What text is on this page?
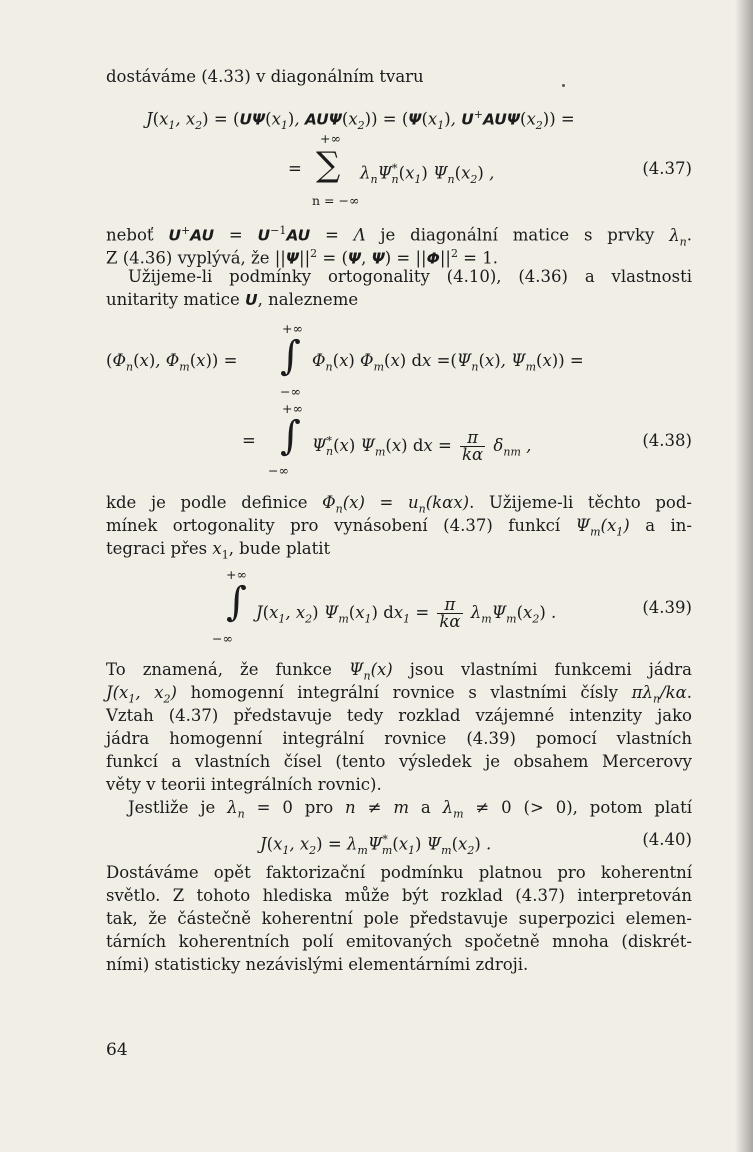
dostáváme (4.33) v diagonálním tvaru
$J(x_1$, $x_2) = (U\Psi(x_1)$, $AU\Psi(x_2)) = (\Psi(x_1)$, $U^+AU\Psi(x_2)$) =
+∞
= ∑ $\lambda_n\Psi^*_n(x_1)$ $\Psi_n(x_2)$ ,
n = −∞
(4.37)
neboť $U^+AU = U^{-1}AU = \Lambda$ je diagonální matice s prvky $\lambda_n$.
Z (4.36) vyplývá, že $||\Psi||^2 = (\Psi$, $\Psi) = ||\Phi||^2 = 1$.
Užijeme-li podmínky ortogonality (4.10), (4.36) a vlastnosti
unitarity matice U, nalezneme
+∞
($\Phi_n(x)$, $\Phi_m(x)$) = ∫ $\Phi_n(x)$ $\Phi_m(x)$ dx $=(\Psi_n(x)$, $\Psi_m(x)$) =
−∞
+∞
= ∫ $\Psi^*_n(x)$ $\Psi_m(x)$ dx = $\frac{\pi}{k\alpha} \delta_{nm}$ ,
−∞
(4.38)
kde je podle definice $\Phi_n(x) = u_n(k\alpha x)$. Užijeme-li těchto pod-
mínek ortogonality pro vynásobení (4.37) funkcí $\Psi_m(x_1)$ a in-
tegraci přes $x_1$, bude platit
+∞
∫ $J(x_1$, $x_2$) $\Psi_m(x_1) dx_1 = \frac{\pi}{k\alpha} \lambda_m\Psi_m(x_2)$ .
−∞
(4.39)
To znamená, že funkce $\Psi_n(x)$ jsou vlastními funkcemi jádra
$J(x_1$, $x_2$) homogenní integrální rovnice s vlastními čísly $\pi\lambda_n/k\alpha$.
Vztah (4.37) představuje tedy rozklad vzájemné intenzity jako
jádra homogenní integrální rovnice (4.39) pomocí vlastních
funkcí a vlastních čísel (tento výsledek je obsahem Mercerovy
věty v teorii integrálních rovnic).
Jestliže je $\lambda_n = 0$ pro n ≠ m a $\lambda_m \ne 0$ (> 0), potom platí
$J(x_1$, $x_2) = \lambda_m\Psi^*_m(x_1)$ $\Psi_m(x_2)$ .	(4.40)
Dostáváme opět faktorizační podmínku platnou pro koherentní
světlo. Z tohoto hlediska může být rozklad (4.37) interpretován
tak, že částečně koherentní pole představuje superpozici elemen-
tárních koherentních polí emitovaných spočetně mnoha (diskrét-
ními) statisticky nezávislými elementárními zdroji.
64
